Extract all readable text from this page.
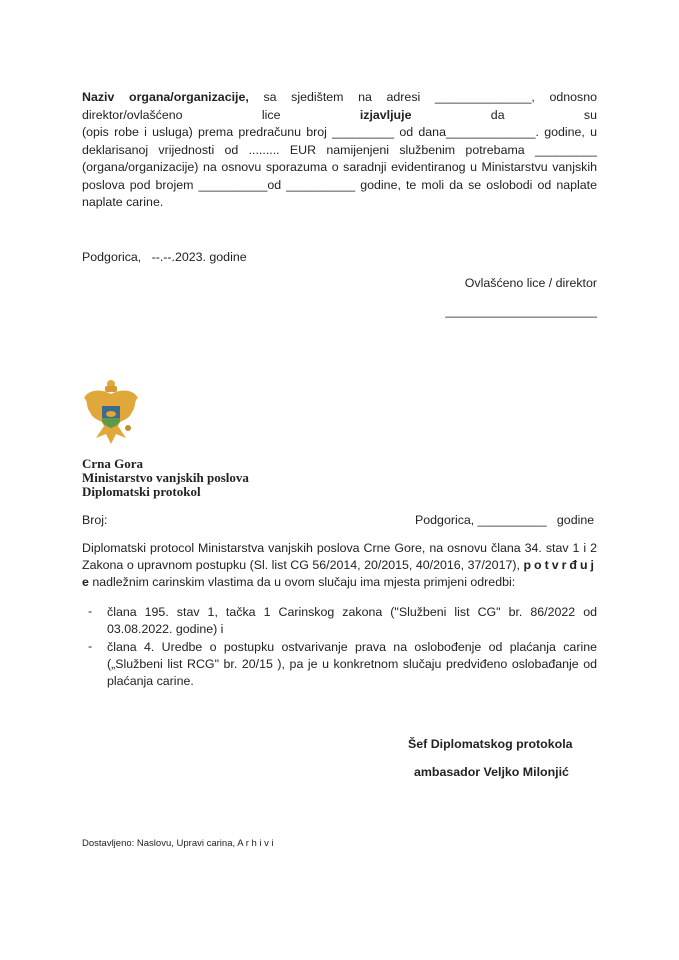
Naziv organa/organizacije, sa sjedištem na adresi ______________, odnosno
direktor/ovlašćeno lice izjavljuje	da su
(opis robe i usluga) prema predračunu broj _________ od dana_____________. godine, u
deklarisanoj vrijednosti od ......... EUR namijenjeni službenim potrebama _________
(organa/organizacije) na osnovu sporazuma o saradnji evidentiranog u Ministarstvu vanjskih
poslova pod brojem __________od __________ godine, te moli da se oslobodi od naplate
naplate carine.
Podgorica,   --.--.2023. godine
Ovlašćeno lice / direktor
______________________
Crna Gora
Ministarstvo vanjskih poslova
Diplomatski protokol
Broj:	Podgorica, __________   godine
Diplomatski protocol Ministarstva vanjskih poslova Crne Gore, na osnovu člana 34. stav 1 i 2
Zakona o upravnom postupku (Sl. list CG 56/2014, 20/2015, 40/2016, 37/2017), potvrđuj
e nadležnim carinskim vlastima da u ovom slučaju ima mjesta primjeni odredbi:
- člana 195. stav 1, tačka 1 Carinskog zakona ("Službeni list CG" br. 86/2022 od
03.08.2022. godine) i
- člana 4. Uredbe o postupku ostvarivanje prava na oslobođenje od plaćanja carine
(„Službeni list RCG" br. 20/15 ), pa je u konkretnom slučaju predviđeno oslobađanje od
plaćanja carine.
Šef Diplomatskog protokola
ambasador Veljko Milonjić
Dostavljeno: Naslovu, Upravi carina, A r h i v i
